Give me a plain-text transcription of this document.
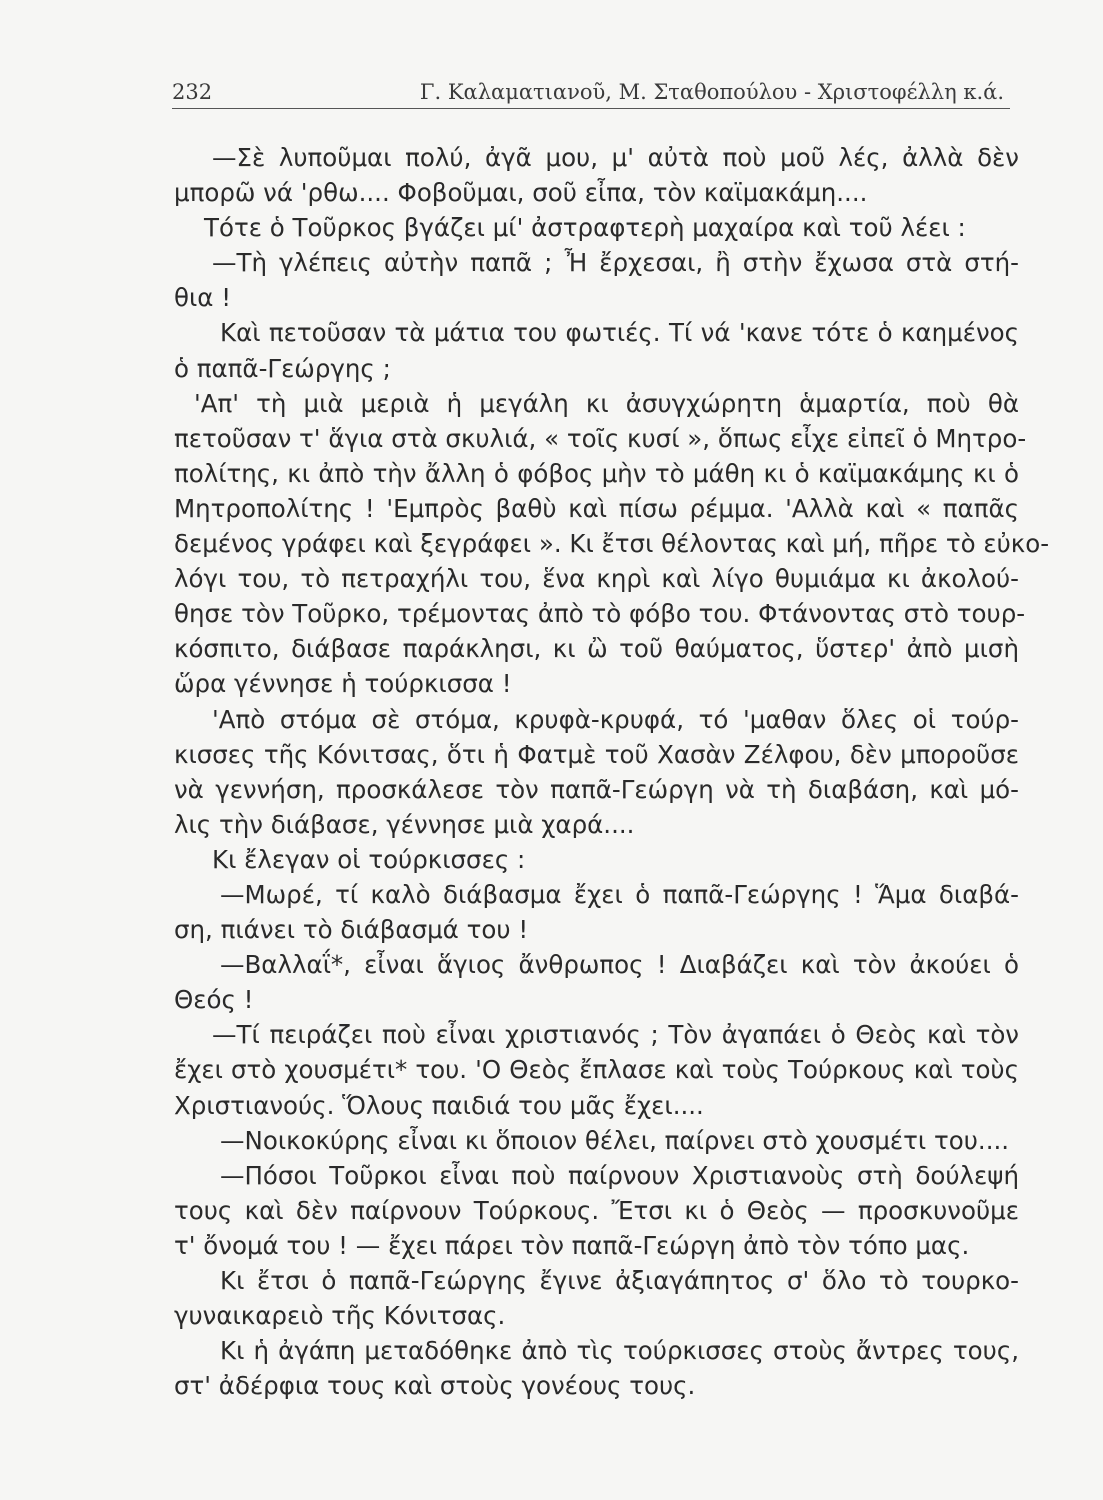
232	Γ. Καλαματιανοῦ, Μ. Σταθοπούλου - Χριστοφέλλη κ.ά.
—Σὲ λυποῦμαι πολύ, ἀγᾶ μου, μ' αὐτὰ ποὺ μοῦ λές, ἀλλὰ δὲν
μπορῶ νά 'ρθω.... Φοβοῦμαι, σοῦ εἶπα, τὸν καϊμακάμη....
Τότε ὁ Τοῦρκος βγάζει μί' ἀστραφτερὴ μαχαίρα καὶ τοῦ λέει :
—Τὴ γλέπεις αὐτὴν παπᾶ ; Ἦ ἔρχεσαι, ἢ στὴν ἔχωσα στὰ στή-
θια !
Καὶ πετοῦσαν τὰ μάτια του φωτιές. Τί νά 'κανε τότε ὁ καημένος
ὁ παπᾶ-Γεώργης ;
'Απ' τὴ μιὰ μεριὰ ἡ μεγάλη κι ἀσυγχώρητη ἁμαρτία, ποὺ θὰ
πετοῦσαν τ' ἅγια στὰ σκυλιά, « τοῖς κυσί », ὅπως εἶχε εἰπεῖ ὁ Μητρο-
πολίτης, κι ἀπὸ τὴν ἄλλη ὁ φόβος μὴν τὸ μάθη κι ὁ καϊμακάμης κι ὁ
Μητροπολίτης ! 'Εμπρὸς βαθὺ καὶ πίσω ρέμμα. 'Αλλὰ καὶ « παπᾶς
δεμένος γράφει καὶ ξεγράφει ». Κι ἔτσι θέλοντας καὶ μή, πῆρε τὸ εὐκο-
λόγι του, τὸ πετραχήλι του, ἕνα κηρὶ καὶ λίγο θυμιάμα κι ἀκολού-
θησε τὸν Τοῦρκο, τρέμοντας ἀπὸ τὸ φόβο του. Φτάνοντας στὸ τουρ-
κόσπιτο, διάβασε παράκλησι, κι ὢ τοῦ θαύματος, ὕστερ' ἀπὸ μισὴ
ὥρα γέννησε ἡ τούρκισσα !
'Απὸ στόμα σὲ στόμα, κρυφὰ-κρυφά, τό 'μαθαν ὅλες οἱ τούρ-
κισσες τῆς Κόνιτσας, ὅτι ἡ Φατμὲ τοῦ Χασὰν Ζέλφου, δὲν μποροῦσε
νὰ γεννήση, προσκάλεσε τὸν παπᾶ-Γεώργη νὰ τὴ διαβάση, καὶ μό-
λις τὴν διάβασε, γέννησε μιὰ χαρά....
Κι ἔλεγαν οἱ τούρκισσες :
—Μωρέ, τί καλὸ διάβασμα ἔχει ὁ παπᾶ-Γεώργης ! Ἅμα διαβά-
ση, πιάνει τὸ διάβασμά του !
—Βαλλαΐ*, εἶναι ἅγιος ἄνθρωπος ! Διαβάζει καὶ τὸν ἀκούει ὁ
Θεός !
—Τί πειράζει ποὺ εἶναι χριστιανός ; Τὸν ἀγαπάει ὁ Θεὸς καὶ τὸν
ἔχει στὸ χουσμέτι* του. 'Ο Θεὸς ἔπλασε καὶ τοὺς Τούρκους καὶ τοὺς
Χριστιανούς. Ὅλους παιδιά του μᾶς ἔχει....
—Νοικοκύρης εἶναι κι ὅποιον θέλει, παίρνει στὸ χουσμέτι του....
—Πόσοι Τοῦρκοι εἶναι ποὺ παίρνουν Χριστιανοὺς στὴ δούλεψή
τους καὶ δὲν παίρνουν Τούρκους. Ἔτσι κι ὁ Θεὸς — προσκυνοῦμε
τ' ὄνομά του ! — ἔχει πάρει τὸν παπᾶ-Γεώργη ἀπὸ τὸν τόπο μας.
Κι ἔτσι ὁ παπᾶ-Γεώργης ἔγινε ἀξιαγάπητος σ' ὅλο τὸ τουρκο-
γυναικαρειὸ τῆς Κόνιτσας.
Κι ἡ ἀγάπη μεταδόθηκε ἀπὸ τὶς τούρκισσες στοὺς ἄντρες τους,
στ' ἀδέρφια τους καὶ στοὺς γονέους τους.
